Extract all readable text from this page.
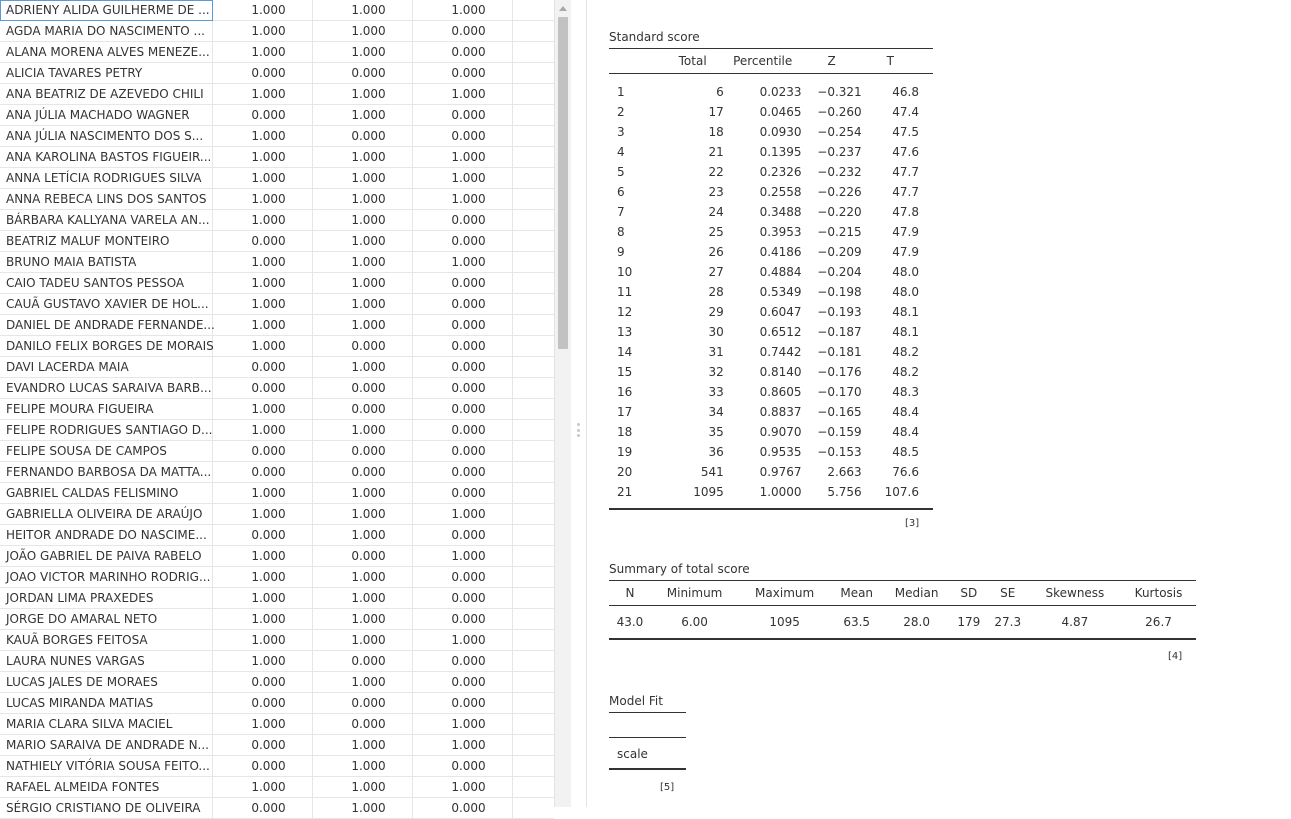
ADRIENY ALIDA GUILHERME DE ...	1.000	1.000	1.000
AGDA MARIA DO NASCIMENTO ...	1.000	1.000	0.000
ALANA MORENA ALVES MENEZE...	1.000	1.000	0.000
ALICIA TAVARES PETRY	0.000	0.000	0.000
ANA BEATRIZ DE AZEVEDO CHILI	1.000	1.000	1.000
ANA JÚLIA MACHADO WAGNER	0.000	1.000	0.000
ANA JÚLIA NASCIMENTO DOS S...	1.000	0.000	0.000
ANA KAROLINA BASTOS FIGUEIR...	1.000	1.000	1.000
ANNA LETÍCIA RODRIGUES SILVA	1.000	1.000	1.000
ANNA REBECA LINS DOS SANTOS	1.000	1.000	1.000
BÁRBARA KALLYANA VARELA AN...	1.000	1.000	0.000
BEATRIZ MALUF MONTEIRO	0.000	1.000	0.000
BRUNO MAIA BATISTA	1.000	1.000	1.000
CAIO TADEU SANTOS PESSOA	1.000	1.000	0.000
CAUÃ GUSTAVO XAVIER DE HOL...	1.000	1.000	0.000
DANIEL DE ANDRADE FERNANDE...	1.000	1.000	0.000
DANILO FELIX BORGES DE MORAIS	1.000	0.000	0.000
DAVI LACERDA MAIA	0.000	1.000	0.000
EVANDRO LUCAS SARAIVA BARB...	0.000	0.000	0.000
FELIPE MOURA FIGUEIRA	1.000	0.000	0.000
FELIPE RODRIGUES SANTIAGO D...	1.000	1.000	0.000
FELIPE SOUSA DE CAMPOS	0.000	0.000	0.000
FERNANDO BARBOSA DA MATTA...	0.000	0.000	0.000
GABRIEL CALDAS FELISMINO	1.000	1.000	0.000
GABRIELLA OLIVEIRA DE ARAÚJO	1.000	1.000	1.000
HEITOR ANDRADE DO NASCIME...	0.000	1.000	0.000
JOÃO GABRIEL DE PAIVA RABELO	1.000	0.000	1.000
JOAO VICTOR MARINHO RODRIG...	1.000	1.000	0.000
JORDAN LIMA PRAXEDES	1.000	1.000	0.000
JORGE DO AMARAL NETO	1.000	1.000	0.000
KAUÃ BORGES FEITOSA	1.000	1.000	1.000
LAURA NUNES VARGAS	1.000	0.000	0.000
LUCAS JALES DE MORAES	0.000	1.000	0.000
LUCAS MIRANDA MATIAS	0.000	0.000	0.000
MARIA CLARA SILVA MACIEL	1.000	0.000	1.000
MARIO SARAIVA DE ANDRADE N...	0.000	1.000	1.000
NATHIELY VITÓRIA SOUSA FEITO...	0.000	1.000	0.000
RAFAEL ALMEIDA FONTES	1.000	1.000	1.000
SÉRGIO CRISTIANO DE OLIVEIRA	0.000	1.000	0.000
Standard score
	Total	Percentile	Z	T
1	6	0.0233	−0.321	46.8
2	17	0.0465	−0.260	47.4
3	18	0.0930	−0.254	47.5
4	21	0.1395	−0.237	47.6
5	22	0.2326	−0.232	47.7
6	23	0.2558	−0.226	47.7
7	24	0.3488	−0.220	47.8
8	25	0.3953	−0.215	47.9
9	26	0.4186	−0.209	47.9
10	27	0.4884	−0.204	48.0
11	28	0.5349	−0.198	48.0
12	29	0.6047	−0.193	48.1
13	30	0.6512	−0.187	48.1
14	31	0.7442	−0.181	48.2
15	32	0.8140	−0.176	48.2
16	33	0.8605	−0.170	48.3
17	34	0.8837	−0.165	48.4
18	35	0.9070	−0.159	48.4
19	36	0.9535	−0.153	48.5
20	541	0.9767	2.663	76.6
21	1095	1.0000	5.756	107.6
[3]
Summary of total score
N	Minimum	Maximum	Mean	Median	SD	SE	Skewness	Kurtosis
43.0	6.00	1095	63.5	28.0	179	27.3	4.87	26.7
[4]
Model Fit
scale
[5]
